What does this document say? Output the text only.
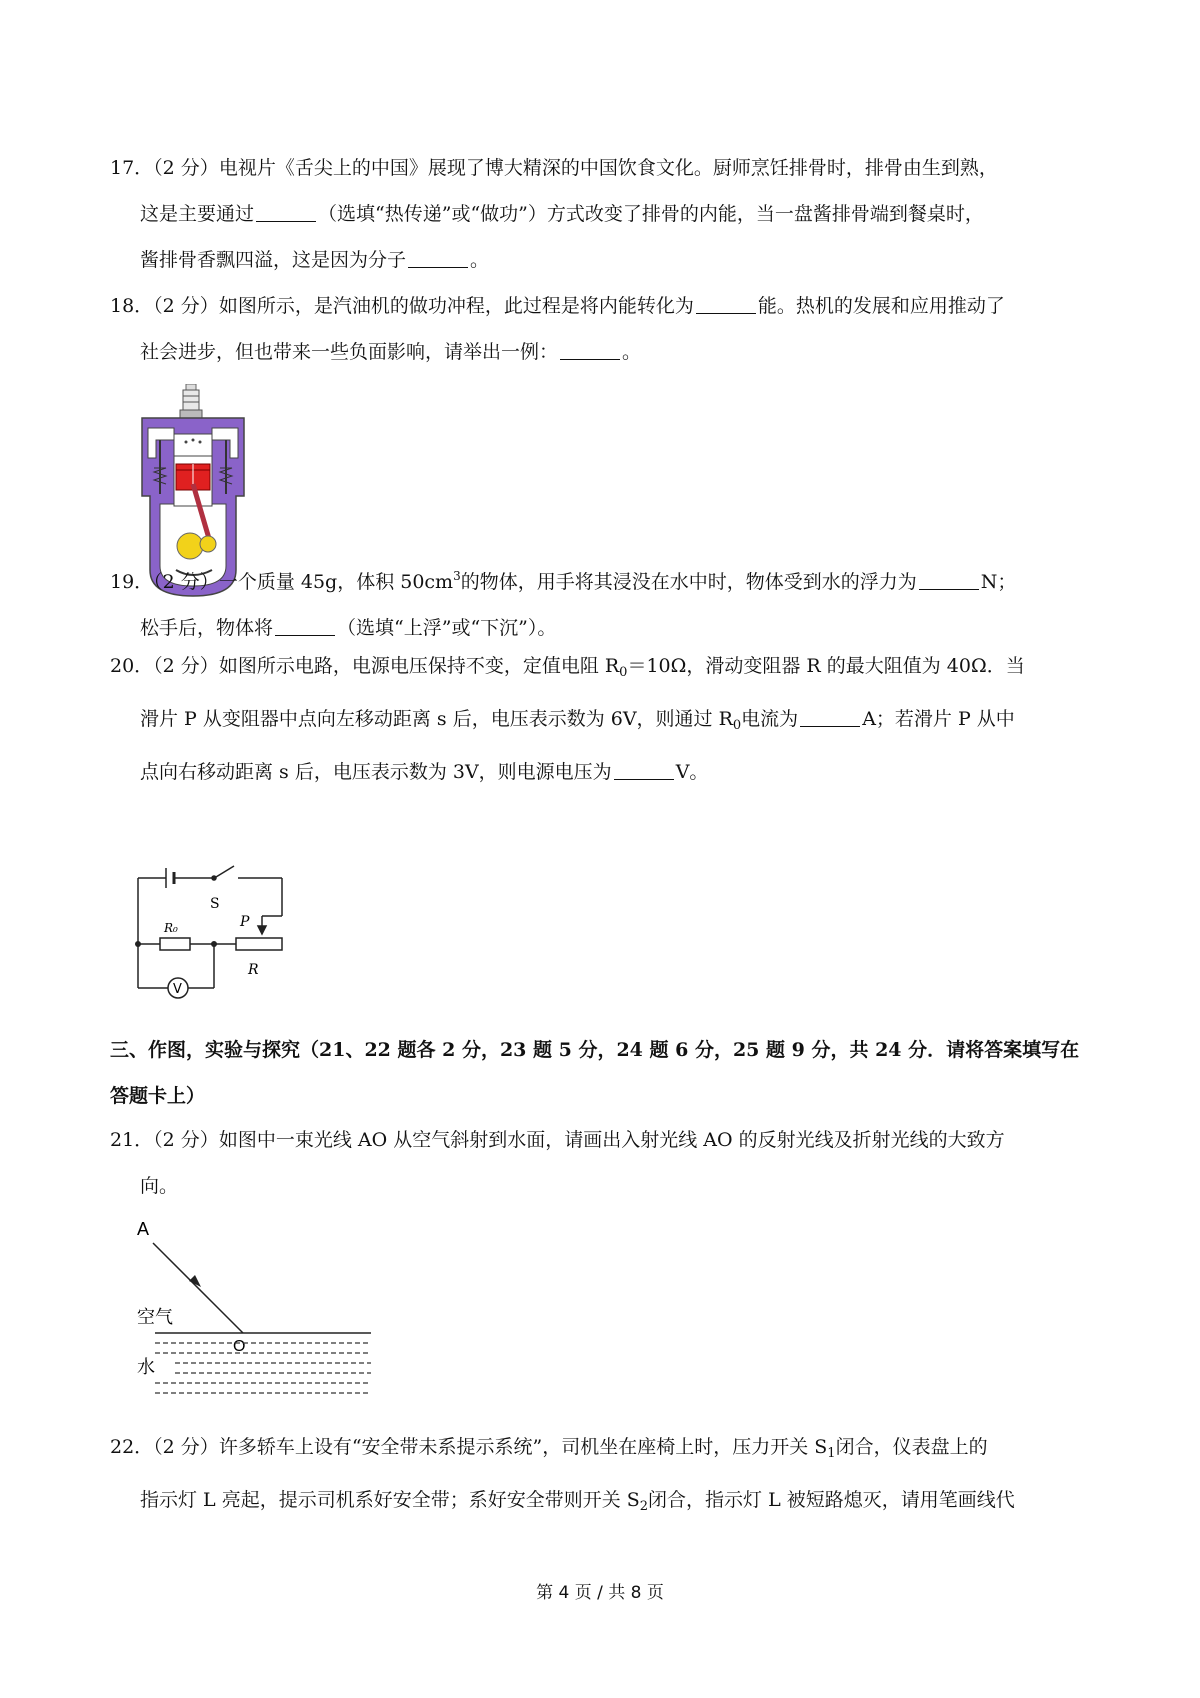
17．（2 分）电视片《舌尖上的中国》展现了博大精深的中国饮食文化。厨师烹饪排骨时，排骨由生到熟，

这是主要通过	（选填“热传递”或“做功”）方式改变了排骨的内能，当一盘酱排骨端到餐桌时，

酱排骨香飘四溢，这是因为分子	。

18．（2 分）如图所示，是汽油机的做功冲程，此过程是将内能转化为	能。热机的发展和应用推动了

社会进步，但也带来一些负面影响，请举出一例：	。

19．（2 分）一个质量 45g，体积 $50cm^3$的物体，用手将其浸没在水中时，物体受到水的浮力为	N；

松手后，物体将	（选填“上浮”或“下沉”）。

20．（2 分）如图所示电路，电源电压保持不变，定值电阻 $R_0=10\Omega$，滑动变阻器 R 的最大阻值为 40Ω．当

滑片 P 从变阻器中点向左移动距离 s 后，电压表示数为 6V，则通过 $R_0$电流为	A；若滑片 P 从中

点向右移动距离 s 后，电压表示数为 3V，则电源电压为	V。

S
R₀	P
R
V

三、作图，实验与探究（21、22 题各 2 分，23 题 5 分，24 题 6 分，25 题 9 分，共 24 分．请将答案填写在

答题卡上）

21．（2 分）如图中一束光线 AO 从空气斜射到水面，请画出入射光线 AO 的反射光线及折射光线的大致方

向。

A
空气
O
水

22．（2 分）许多轿车上设有“安全带未系提示系统”，司机坐在座椅上时，压力开关 $S_1$闭合，仪表盘上的

指示灯 L 亮起，提示司机系好安全带；系好安全带则开关 $S_2$闭合，指示灯 L 被短路熄灭，请用笔画线代

第 4 页 / 共 8 页
